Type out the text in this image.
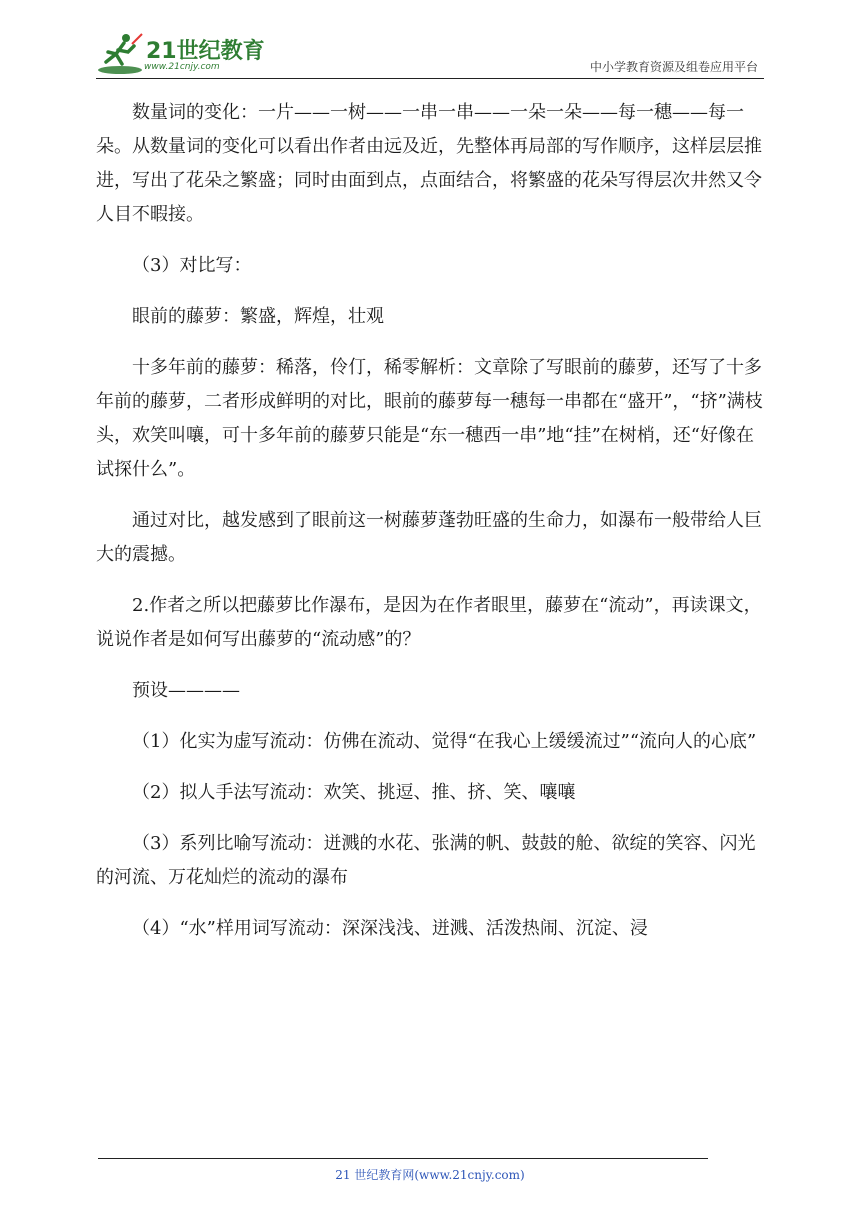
21世纪教育
www.21cnjy.com	中小学教育资源及组卷应用平台

数量词的变化：一片——一树——一串一串——一朵一朵——每一穗——每一朵。从数量词的变化可以看出作者由远及近，先整体再局部的写作顺序，这样层层推进，写出了花朵之繁盛；同时由面到点，点面结合，将繁盛的花朵写得层次井然又令人目不暇接。

（3）对比写：

眼前的藤萝：繁盛，辉煌，壮观

十多年前的藤萝：稀落，伶仃，稀零解析：文章除了写眼前的藤萝，还写了十多年前的藤萝，二者形成鲜明的对比，眼前的藤萝每一穗每一串都在“盛开”，“挤”满枝头，欢笑叫嚷，可十多年前的藤萝只能是“东一穗西一串”地“挂”在树梢，还“好像在试探什么”。

通过对比，越发感到了眼前这一树藤萝蓬勃旺盛的生命力，如瀑布一般带给人巨大的震撼。

2.作者之所以把藤萝比作瀑布，是因为在作者眼里，藤萝在“流动”，再读课文，说说作者是如何写出藤萝的“流动感”的？

预设————

（1）化实为虚写流动：仿佛在流动、觉得“在我心上缓缓流过”“流向人的心底”

（2）拟人手法写流动：欢笑、挑逗、推、挤、笑、嚷嚷

（3）系列比喻写流动：迸溅的水花、张满的帆、鼓鼓的舱、欲绽的笑容、闪光的河流、万花灿烂的流动的瀑布

（4）“水”样用词写流动：深深浅浅、迸溅、活泼热闹、沉淀、浸

21 世纪教育网(www.21cnjy.com)
